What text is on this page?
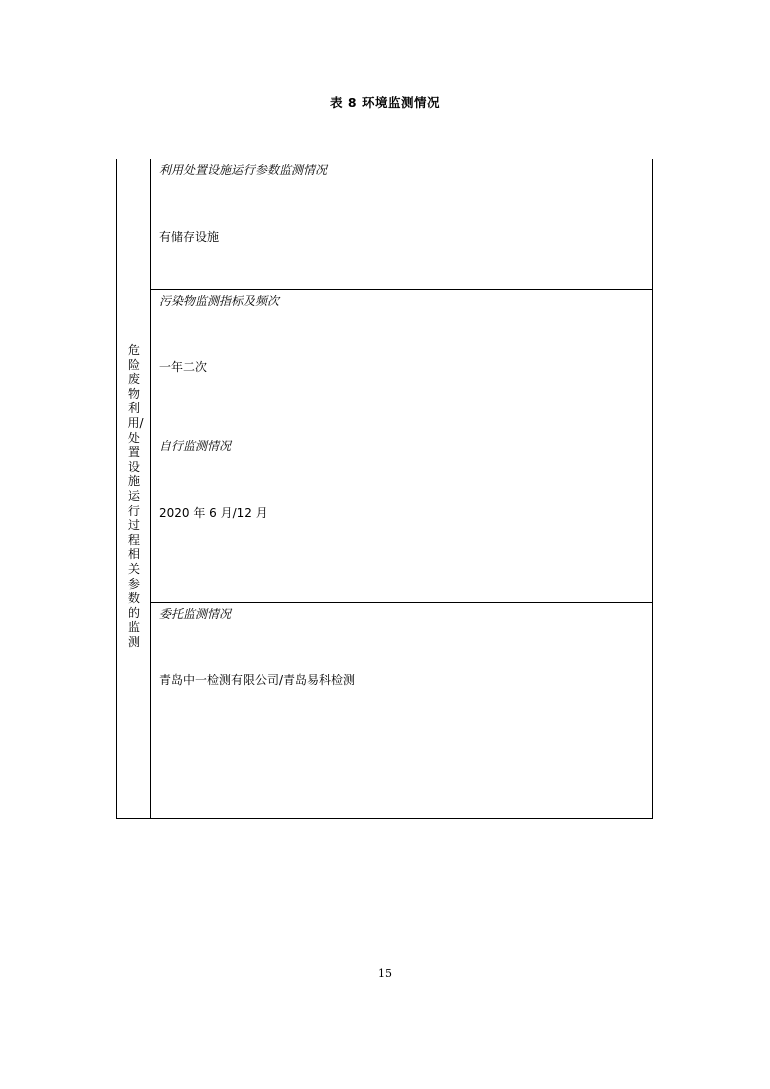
表 8 环境监测情况
危险废物利用/处置设施运行过程相关参数的监测
利用处置设施运行参数监测情况
有储存设施
污染物监测指标及频次
一年二次
自行监测情况
2020 年 6 月/12 月
委托监测情况
青岛中一检测有限公司/青岛易科检测
15
